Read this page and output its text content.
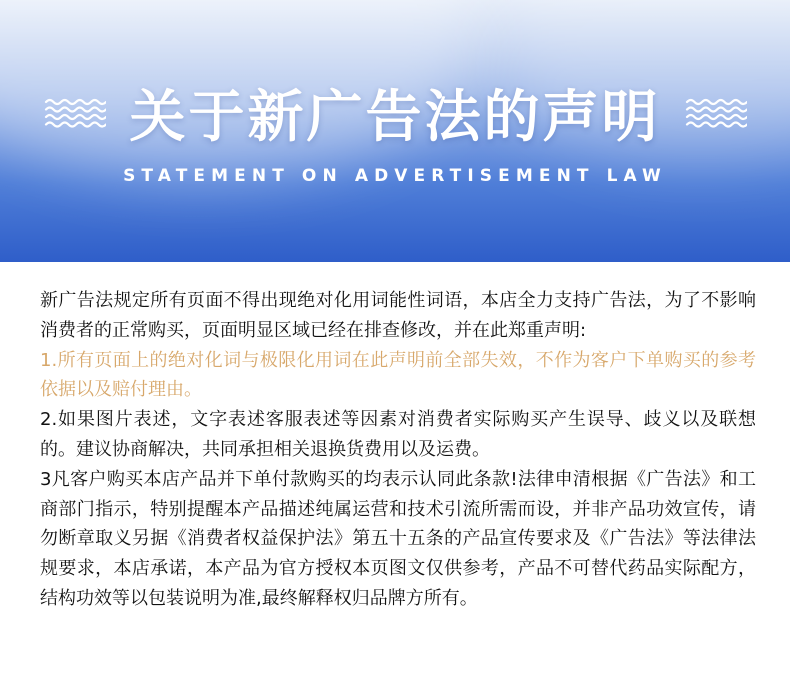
关于新广告法的声明
STATEMENT ON ADVERTISEMENT LAW

新广告法规定所有页面不得出现绝对化用词能性词语，本店全力支持广告法，为了不影响消费者的正常购买，页面明显区域已经在排查修改，并在此郑重声明:

1.所有页面上的绝对化词与极限化用词在此声明前全部失效，不作为客户下单购买的参考依据以及赔付理由。

2.如果图片表述，文字表述客服表述等因素对消费者实际购买产生误导、歧义以及联想的。建议协商解决，共同承担相关退换货费用以及运费。

3凡客户购买本店产品并下单付款购买的均表示认同此条款!法律申清根据《广告法》和工商部门指示，特别提醒本产品描述纯属运营和技术引流所需而设，并非产品功效宣传，请勿断章取义另据《消费者权益保护法》第五十五条的产品宣传要求及《广告法》等法律法规要求，本店承诺，本产品为官方授权本页图文仅供参考，产品不可替代药品实际配方，结构功效等以包装说明为准,最终解释权归品牌方所有。
